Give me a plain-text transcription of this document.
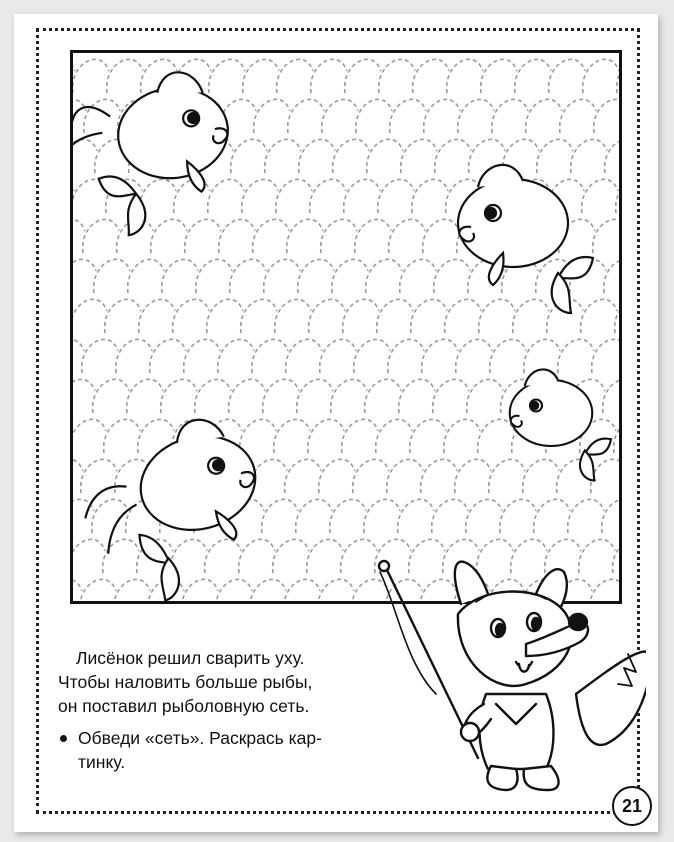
Лисёнок решил сварить уху.

Чтобы наловить больше рыбы,

он поставил рыболовную сеть.

Обведи «сеть». Раскрась кар-

тинку.

21
